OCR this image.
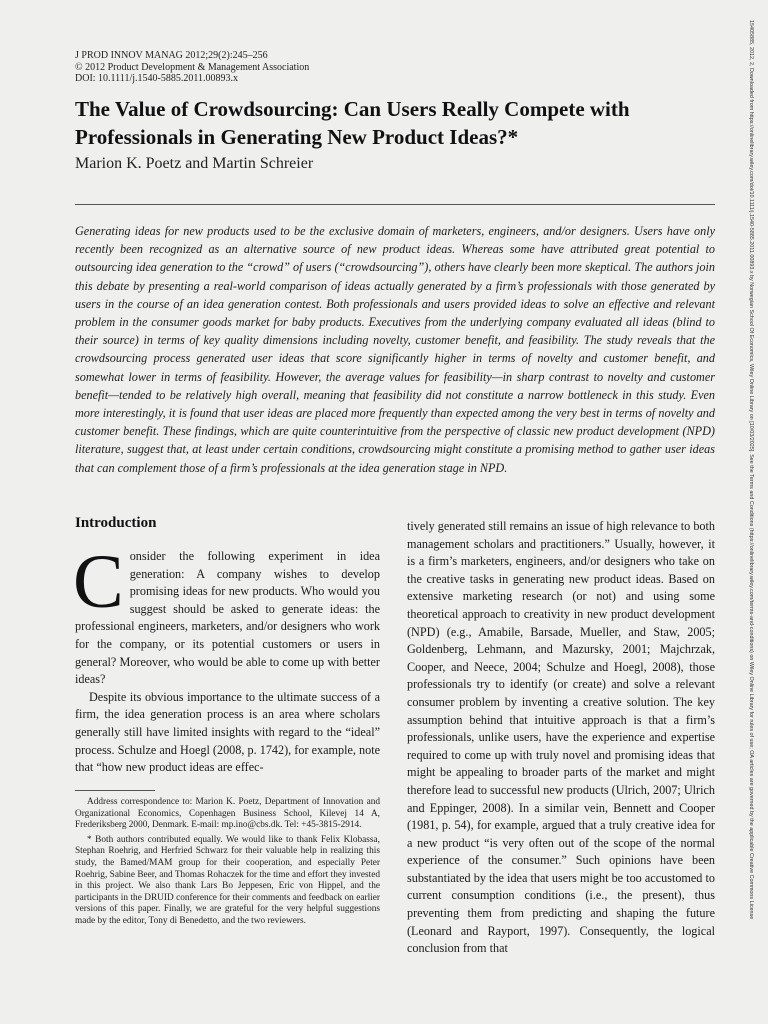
J PROD INNOV MANAG 2012;29(2):245–256
© 2012 Product Development & Management Association
DOI: 10.1111/j.1540-5885.2011.00893.x
The Value of Crowdsourcing: Can Users Really Compete with Professionals in Generating New Product Ideas?*
Marion K. Poetz and Martin Schreier

Generating ideas for new products used to be the exclusive domain of marketers, engineers, and/or designers. Users have only recently been recognized as an alternative source of new product ideas. Whereas some have attributed great potential to outsourcing idea generation to the “crowd” of users (“crowdsourcing”), others have clearly been more skeptical. The authors join this debate by presenting a real-world comparison of ideas actually generated by a firm’s professionals with those generated by users in the course of an idea generation contest. Both professionals and users provided ideas to solve an effective and relevant problem in the consumer goods market for baby products. Executives from the underlying company evaluated all ideas (blind to their source) in terms of key quality dimensions including novelty, customer benefit, and feasibility. The study reveals that the crowdsourcing process generated user ideas that score significantly higher in terms of novelty and customer benefit, and somewhat lower in terms of feasibility. However, the average values for feasibility—in sharp contrast to novelty and customer benefit—tended to be relatively high overall, meaning that feasibility did not constitute a narrow bottleneck in this study. Even more interestingly, it is found that user ideas are placed more frequently than expected among the very best in terms of novelty and customer benefit. These findings, which are quite counterintuitive from the perspective of classic new product development (NPD) literature, suggest that, at least under certain conditions, crowdsourcing might constitute a promising method to gather user ideas that can complement those of a firm’s professionals at the idea generation stage in NPD.

Introduction

Consider the following experiment in idea generation: A company wishes to develop promising ideas for new products. Who would you suggest should be asked to generate ideas: the professional engineers, marketers, and/or designers who work for the company, or its potential customers or users in general? Moreover, who would be able to come up with better ideas?

Despite its obvious importance to the ultimate success of a firm, the idea generation process is an area where scholars generally still have limited insights with regard to the “ideal” process. Schulze and Hoegl (2008, p. 1742), for example, note that “how new product ideas are effec-

Address correspondence to: Marion K. Poetz, Department of Innovation and Organizational Economics, Copenhagen Business School, Kilevej 14 A, Frederiksberg 2000, Denmark. E-mail: mp.ino@cbs.dk. Tel: +45-3815-2914.

* Both authors contributed equally. We would like to thank Felix Klobassa, Stephan Roehrig, and Herfried Schwarz for their valuable help in realizing this study, the Bamed/MAM group for their cooperation, and especially Peter Roehrig, Sabine Beer, and Thomas Rohaczek for the time and effort they invested in this project. We also thank Lars Bo Jeppesen, Eric von Hippel, and the participants in the DRUID conference for their comments and feedback on earlier versions of this paper. Finally, we are grateful for the very helpful suggestions made by the editor, Tony di Benedetto, and the two reviewers.

tively generated still remains an issue of high relevance to both management scholars and practitioners.” Usually, however, it is a firm’s marketers, engineers, and/or designers who take on the creative tasks in generating new product ideas. Based on extensive marketing research (or not) and using some theoretical approach to creativity in new product development (NPD) (e.g., Amabile, Barsade, Mueller, and Staw, 2005; Goldenberg, Lehmann, and Mazursky, 2001; Majchrzak, Cooper, and Neece, 2004; Schulze and Hoegl, 2008), those professionals try to identify (or create) and solve a relevant consumer problem by inventing a creative solution. The key assumption behind that intuitive approach is that a firm’s professionals, unlike users, have the experience and expertise required to come up with truly novel and promising ideas that might be appealing to broader parts of the market and might therefore lead to successful new products (Ulrich, 2007; Ulrich and Eppinger, 2008). In a similar vein, Bennett and Cooper (1981, p. 54), for example, argued that a truly creative idea for a new product “is very often out of the scope of the normal experience of the consumer.” Such opinions have been substantiated by the idea that users might be too accustomed to current consumption conditions (i.e., the present), thus preventing them from predicting and shaping the future (Leonard and Rayport, 1997). Consequently, the logical conclusion from that

15405885, 2012, 2, Downloaded from https://onlinelibrary.wiley.com/doi/10.1111/j.1540-5885.2011.00893.x by Norwegian School Of Economics, Wiley Online Library on [10/03/2025]. See the Terms and Conditions (https://onlinelibrary.wiley.com/terms-and-conditions) on Wiley Online Library for rules of use; OA articles are governed by the applicable Creative Commons License
